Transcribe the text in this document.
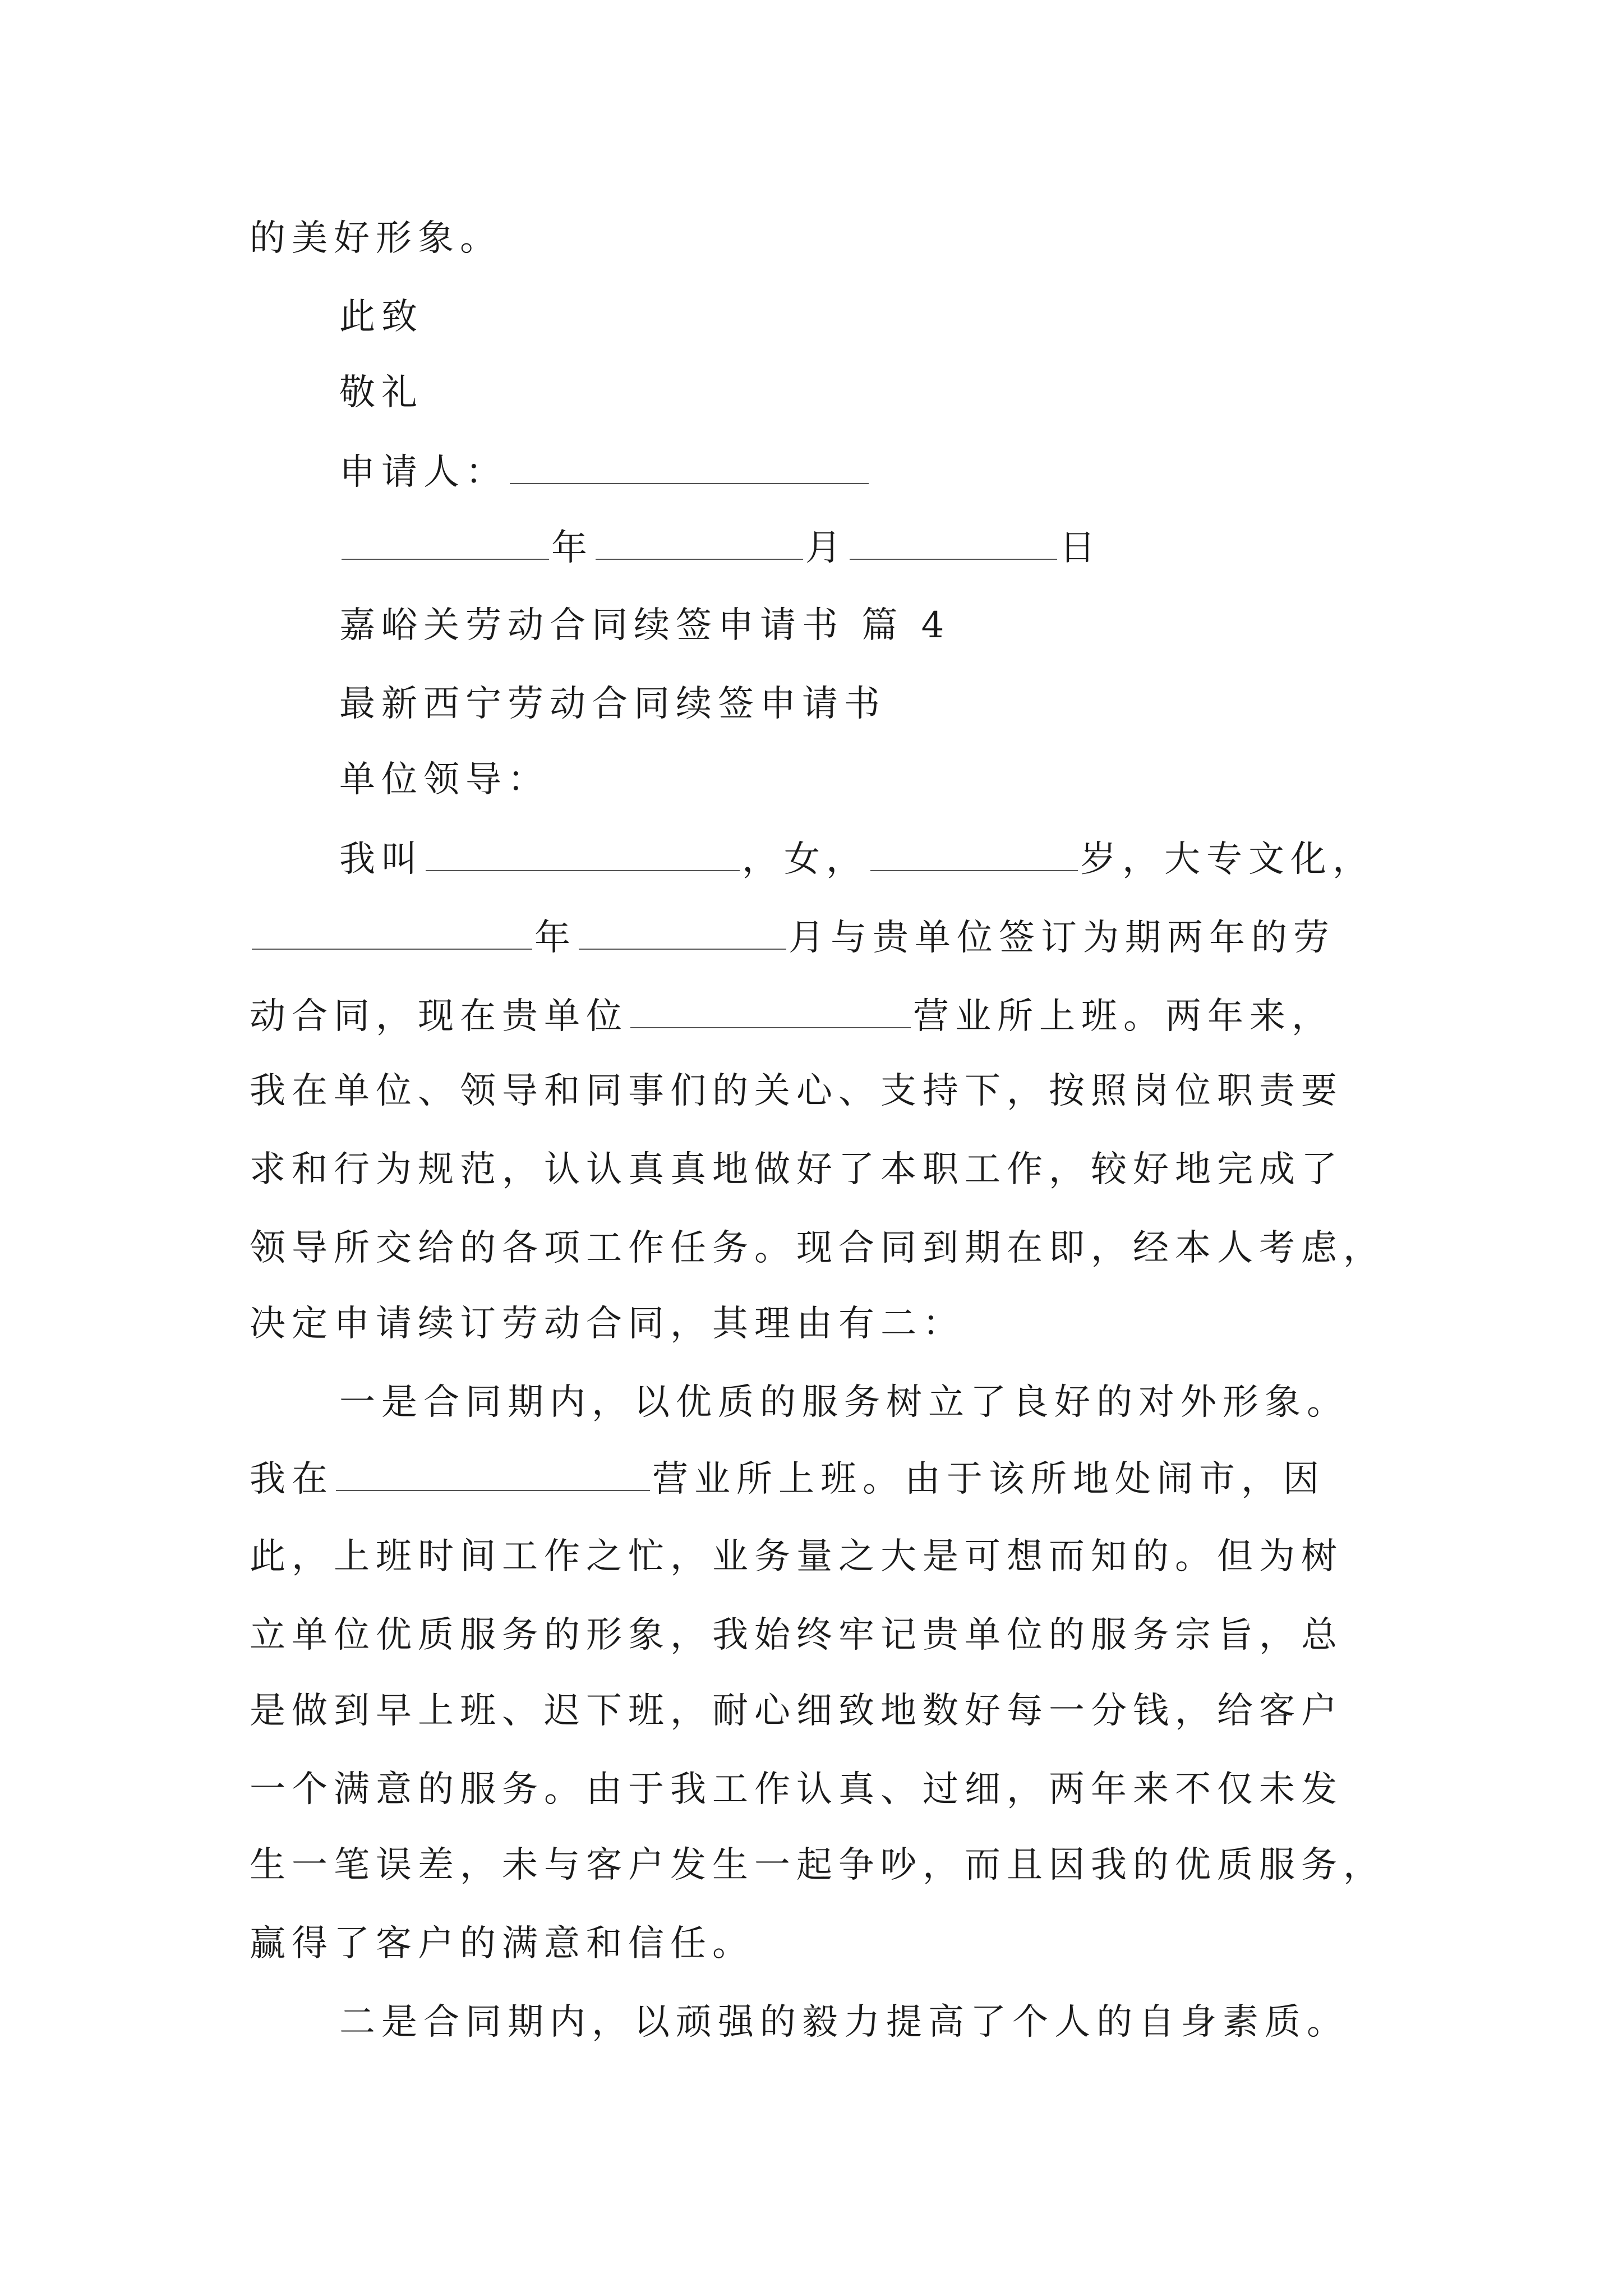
的美好形象。
此致
敬礼
申请人：
年	月	日
嘉峪关劳动合同续签申请书 篇 4
最新西宁劳动合同续签申请书
单位领导：
我叫	，女，	岁，大专文化，
年	月与贵单位签订为期两年的劳
动合同，现在贵单位	营业所上班。两年来，
我在单位、领导和同事们的关心、支持下，按照岗位职责要
求和行为规范，认认真真地做好了本职工作，较好地完成了
领导所交给的各项工作任务。现合同到期在即，经本人考虑，
决定申请续订劳动合同，其理由有二：
一是合同期内，以优质的服务树立了良好的对外形象。
我在	营业所上班。由于该所地处闹市，因
此，上班时间工作之忙，业务量之大是可想而知的。但为树
立单位优质服务的形象，我始终牢记贵单位的服务宗旨，总
是做到早上班、迟下班，耐心细致地数好每一分钱，给客户
一个满意的服务。由于我工作认真、过细，两年来不仅未发
生一笔误差，未与客户发生一起争吵，而且因我的优质服务，
赢得了客户的满意和信任。
二是合同期内，以顽强的毅力提高了个人的自身素质。
